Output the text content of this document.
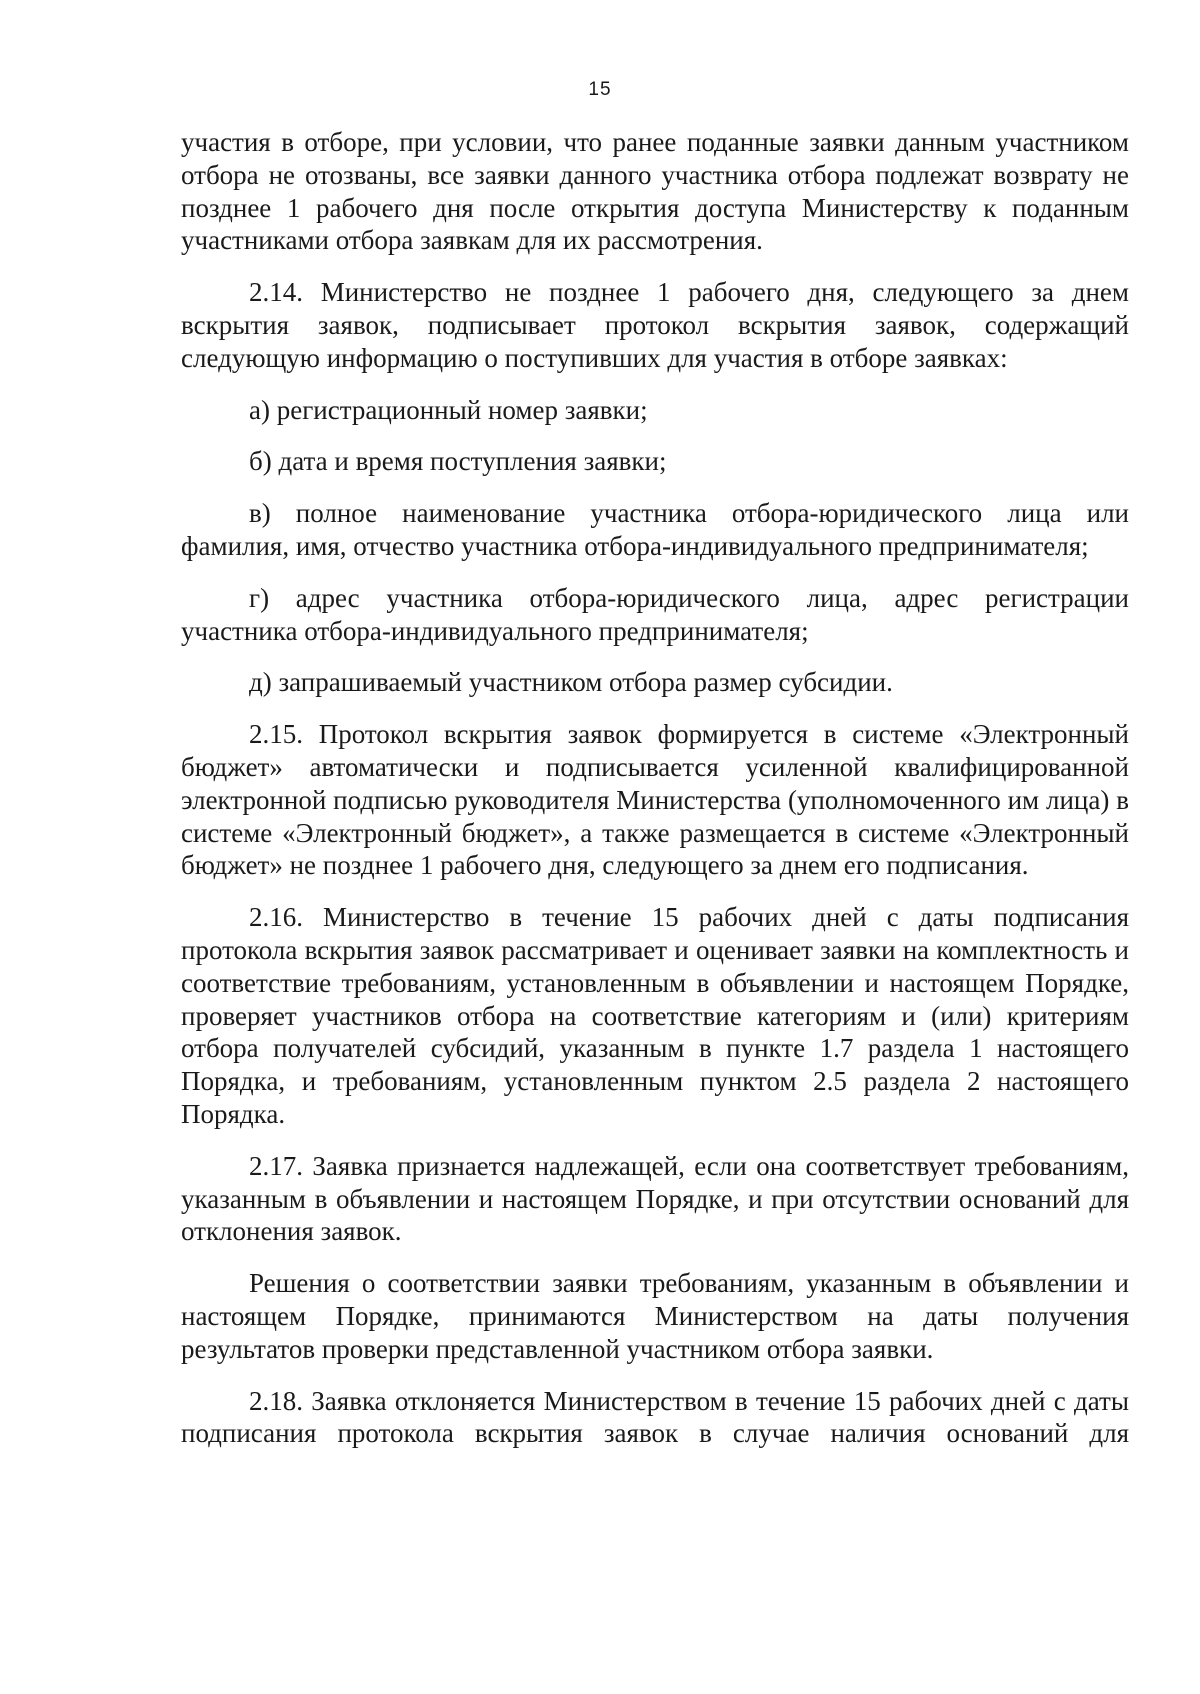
15

участия в отборе, при условии, что ранее поданные заявки данным участником отбора не отозваны, все заявки данного участника отбора подлежат возврату не позднее 1 рабочего дня после открытия доступа Министерству к поданным участниками отбора заявкам для их рассмотрения.

2.14. Министерство не позднее 1 рабочего дня, следующего за днем вскрытия заявок, подписывает протокол вскрытия заявок, содержащий следующую информацию о поступивших для участия в отборе заявках:

а) регистрационный номер заявки;

б) дата и время поступления заявки;

в) полное наименование участника отбора-юридического лица или фамилия, имя, отчество участника отбора-индивидуального предпринимателя;

г) адрес участника отбора-юридического лица, адрес регистрации участника отбора-индивидуального предпринимателя;

д) запрашиваемый участником отбора размер субсидии.

2.15. Протокол вскрытия заявок формируется в системе «Электронный бюджет» автоматически и подписывается усиленной квалифицированной электронной подписью руководителя Министерства (уполномоченного им лица) в системе «Электронный бюджет», а также размещается в системе «Электронный бюджет» не позднее 1 рабочего дня, следующего за днем его подписания.

2.16. Министерство в течение 15 рабочих дней с даты подписания протокола вскрытия заявок рассматривает и оценивает заявки на комплектность и соответствие требованиям, установленным в объявлении и настоящем Порядке, проверяет участников отбора на соответствие категориям и (или) критериям отбора получателей субсидий, указанным в пункте 1.7 раздела 1 настоящего Порядка, и требованиям, установленным пунктом 2.5 раздела 2 настоящего Порядка.

2.17. Заявка признается надлежащей, если она соответствует требованиям, указанным в объявлении и настоящем Порядке, и при отсутствии оснований для отклонения заявок.

Решения о соответствии заявки требованиям, указанным в объявлении и настоящем Порядке, принимаются Министерством на даты получения результатов проверки представленной участником отбора заявки.

2.18. Заявка отклоняется Министерством в течение 15 рабочих дней с даты подписания протокола вскрытия заявок в случае наличия оснований для
